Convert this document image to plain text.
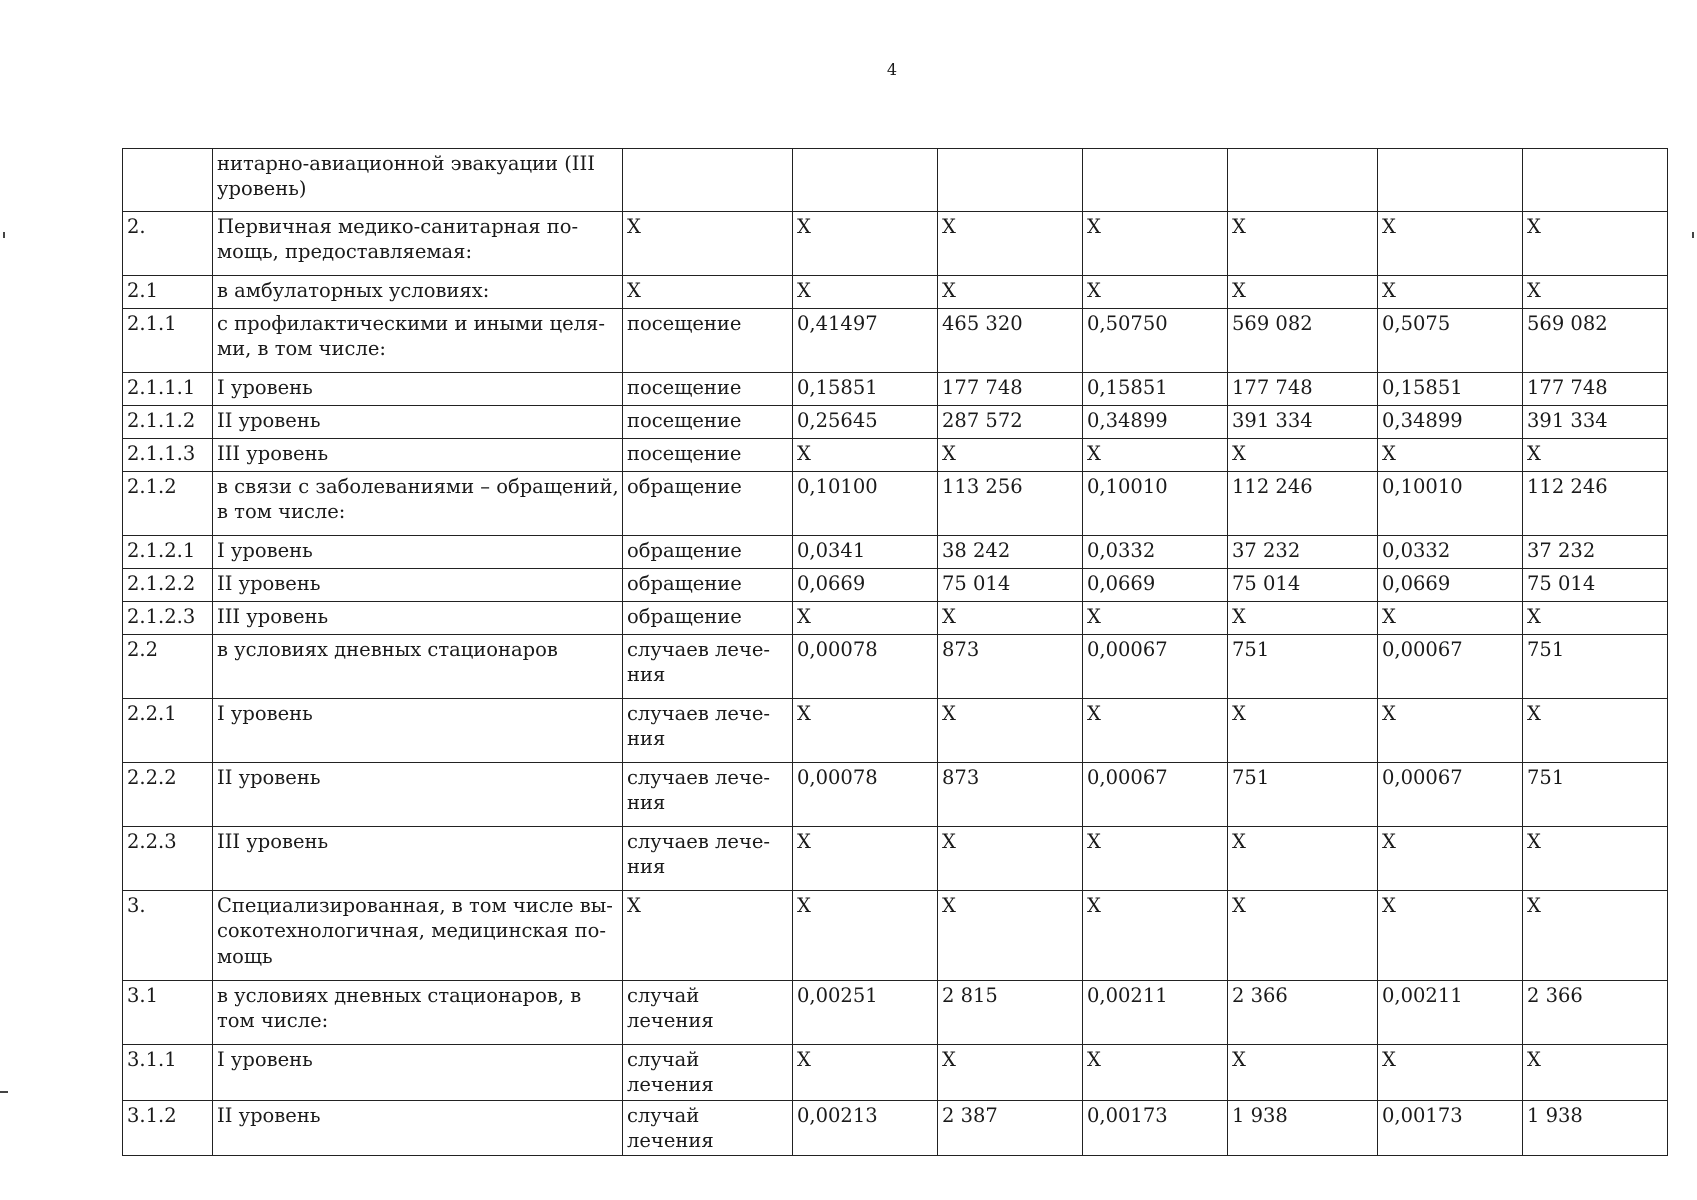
4
	нитарно-авиационной эвакуации (III уровень)							
2.	Первичная медико-санитарная по-мощь, предоставляемая:	X	X	X	X	X	X	X
2.1	в амбулаторных условиях:	X	X	X	X	X	X	X
2.1.1	с профилактическими и иными целя-ми, в том числе:	посещение	0,41497	465 320	0,50750	569 082	0,5075	569 082
2.1.1.1	I уровень	посещение	0,15851	177 748	0,15851	177 748	0,15851	177 748
2.1.1.2	II уровень	посещение	0,25645	287 572	0,34899	391 334	0,34899	391 334
2.1.1.3	III уровень	посещение	X	X	X	X	X	X
2.1.2	в связи с заболеваниями – обращений, в том числе:	обращение	0,10100	113 256	0,10010	112 246	0,10010	112 246
2.1.2.1	I уровень	обращение	0,0341	38 242	0,0332	37 232	0,0332	37 232
2.1.2.2	II уровень	обращение	0,0669	75 014	0,0669	75 014	0,0669	75 014
2.1.2.3	III уровень	обращение	X	X	X	X	X	X
2.2	в условиях дневных стационаров	случаев лече-ния	0,00078	873	0,00067	751	0,00067	751
2.2.1	I уровень	случаев лече-ния	X	X	X	X	X	X
2.2.2	II уровень	случаев лече-ния	0,00078	873	0,00067	751	0,00067	751
2.2.3	III уровень	случаев лече-ния	X	X	X	X	X	X
3.	Специализированная, в том числе вы-сокотехнологичная, медицинская по-мощь	X	X	X	X	X	X	X
3.1	в условиях дневных стационаров, в том числе:	случай лечения	0,00251	2 815	0,00211	2 366	0,00211	2 366
3.1.1	I уровень	случай лечения	X	X	X	X	X	X
3.1.2	II уровень	случай лечения	0,00213	2 387	0,00173	1 938	0,00173	1 938
